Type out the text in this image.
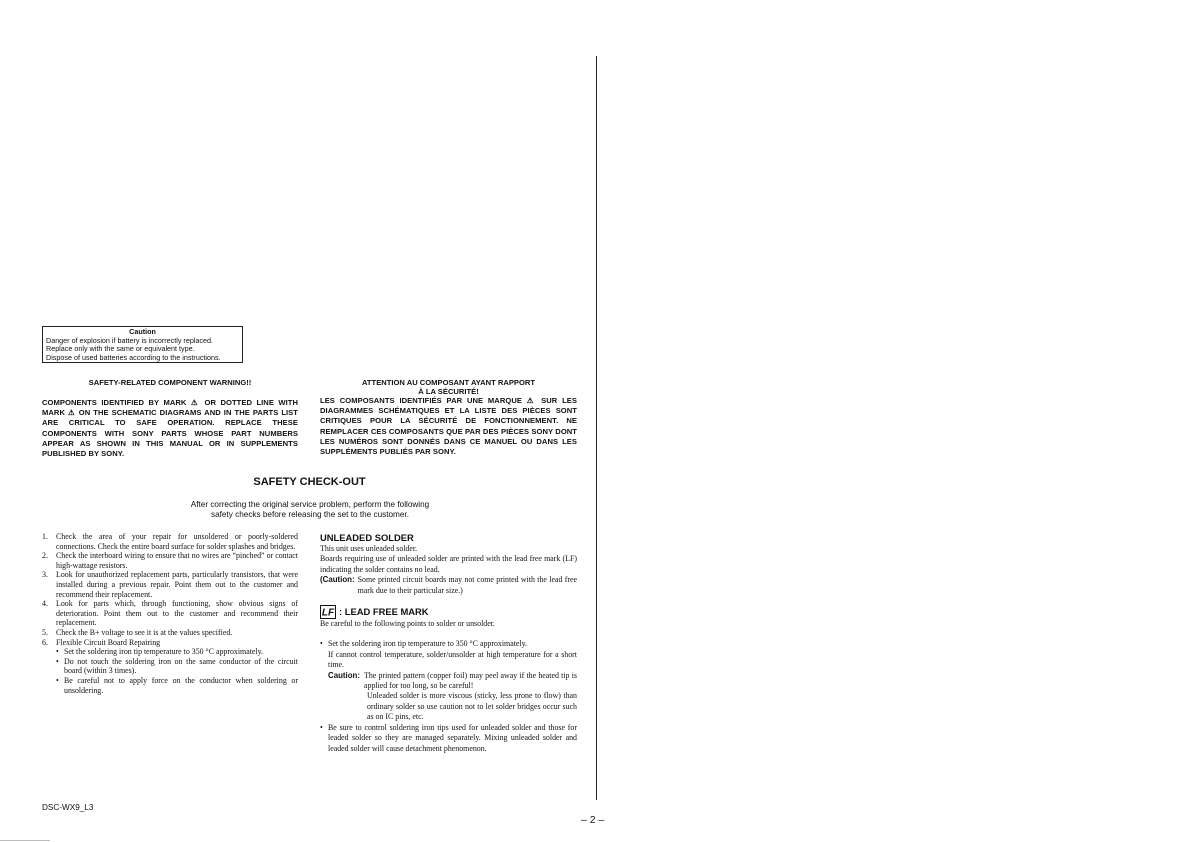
Caution
Danger of explosion if battery is incorrectly replaced.
Replace only with the same or equivalent type.
Dispose of used batteries according to the instructions.
SAFETY-RELATED COMPONENT WARNING!!
COMPONENTS IDENTIFIED BY MARK ⚠ OR DOTTED LINE WITH MARK ⚠ ON THE SCHEMATIC DIAGRAMS AND IN THE PARTS LIST ARE CRITICAL TO SAFE OPERATION. REPLACE THESE COMPONENTS WITH SONY PARTS WHOSE PART NUMBERS APPEAR AS SHOWN IN THIS MANUAL OR IN SUPPLEMENTS PUBLISHED BY SONY.
ATTENTION AU COMPOSANT AYANT RAPPORT
À LA SÉCURITÉ!
LES COMPOSANTS IDENTIFIÉS PAR UNE MARQUE ⚠ SUR LES DIAGRAMMES SCHÉMATIQUES ET LA LISTE DES PIÈCES SONT CRITIQUES POUR LA SÉCURITÉ DE FONCTIONNEMENT. NE REMPLACER CES COMPOSANTS QUE PAR DES PIÈCES SONY DONT LES NUMÉROS SONT DONNÉS DANS CE MANUEL OU DANS LES SUPPLÉMENTS PUBLIÉS PAR SONY.
SAFETY CHECK-OUT
After correcting the original service problem, perform the following
safety checks before releasing the set to the customer.
1.	Check the area of your repair for unsoldered or poorly-soldered connections. Check the entire board surface for solder splashes and bridges.
2.	Check the interboard wiring to ensure that no wires are “pinched” or contact high-wattage resistors.
3.	Look for unauthorized replacement parts, particularly transistors, that were installed during a previous repair. Point them out to the customer and recommend their replacement.
4.	Look for parts which, through functioning, show obvious signs of deterioration. Point them out to the customer and recommend their replacement.
5.	Check the B+ voltage to see it is at the values specified.
6.	Flexible Circuit Board Repairing
• Set the soldering iron tip temperature to 350 °C approximately.
• Do not touch the soldering iron on the same conductor of the circuit board (within 3 times).
• Be careful not to apply force on the conductor when soldering or unsoldering.
UNLEADED SOLDER
This unit uses unleaded solder.
Boards requiring use of unleaded solder are printed with the lead free mark (LF) indicating the solder contains no lead.
( Caution: Some printed circuit boards may not come printed with the lead free mark due to their particular size.)
LF : LEAD FREE MARK
Be careful to the following points to solder or unsolder.
• Set the soldering iron tip temperature to 350 °C approximately.
If cannot control temperature, solder/unsolder at high temperature for a short time.
Caution: The printed pattern (copper foil) may peel away if the heated tip is applied for too long, so be careful!
Unleaded solder is more viscous (sticky, less prone to flow) than ordinary solder so use caution not to let solder bridges occur such as on IC pins, etc.
• Be sure to control soldering iron tips used for unleaded solder and those for leaded solder so they are managed separately. Mixing unleaded solder and leaded solder will cause detachment phenomenon.
DSC-WX9_L3
– 2 –
